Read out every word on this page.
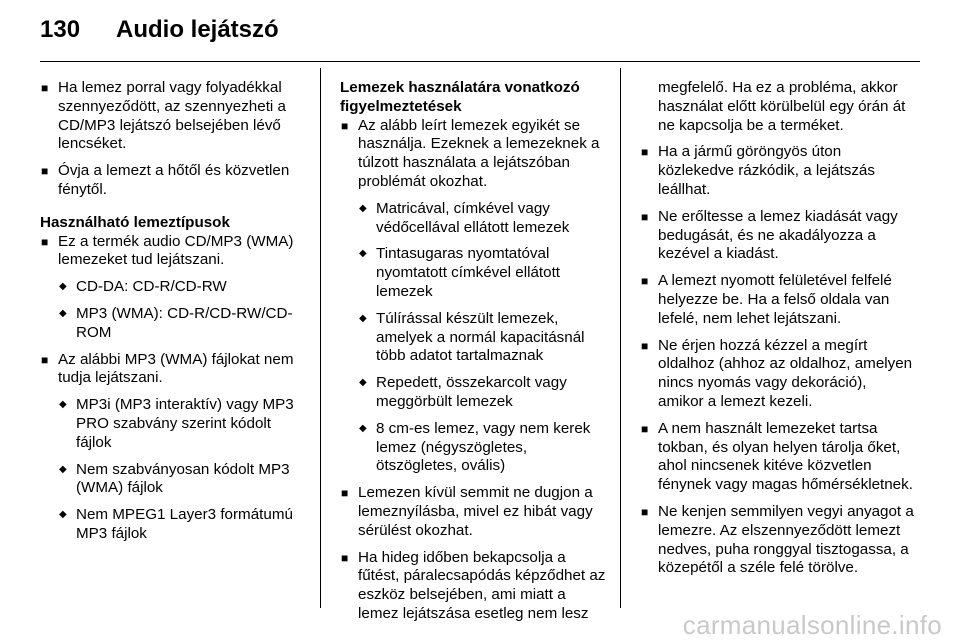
130 Audio lejátszó
■ Ha lemez porral vagy folyadékkal szennyeződött, az szennyezheti a CD/MP3 lejátszó belsejében lévő lencséket.
■ Óvja a lemezt a hőtől és közvetlen fénytől.
Használható lemeztípusok
■ Ez a termék audio CD/MP3 (WMA) lemezeket tud lejátszani.
◆ CD-DA: CD-R/CD-RW
◆ MP3 (WMA): CD-R/CD-RW/CD-ROM
■ Az alábbi MP3 (WMA) fájlokat nem tudja lejátszani.
◆ MP3i (MP3 interaktív) vagy MP3 PRO szabvány szerint kódolt fájlok
◆ Nem szabványosan kódolt MP3 (WMA) fájlok
◆ Nem MPEG1 Layer3 formátumú MP3 fájlok
Lemezek használatára vonatkozó figyelmeztetések
■ Az alább leírt lemezek egyikét se használja. Ezeknek a lemezeknek a túlzott használata a lejátszóban problémát okozhat.
◆ Matricával, címkével vagy védőcellával ellátott lemezek
◆ Tintasugaras nyomtatóval nyomtatott címkével ellátott lemezek
◆ Túlírással készült lemezek, amelyek a normál kapacitásnál több adatot tartalmaznak
◆ Repedett, összekarcolt vagy meggörbült lemezek
◆ 8 cm-es lemez, vagy nem kerek lemez (négyszögletes, ötszögletes, ovális)
■ Lemezen kívül semmit ne dugjon a lemeznyílásba, mivel ez hibát vagy sérülést okozhat.
■ Ha hideg időben bekapcsolja a fűtést, páralecsapódás képződhet az eszköz belsejében, ami miatt a lemez lejátszása esetleg nem lesz
megfelelő. Ha ez a probléma, akkor használat előtt körülbelül egy órán át ne kapcsolja be a terméket.
■ Ha a jármű göröngyös úton közlekedve rázkódik, a lejátszás leállhat.
■ Ne erőltesse a lemez kiadását vagy bedugását, és ne akadályozza a kezével a kiadást.
■ A lemezt nyomott felületével felfelé helyezze be. Ha a felső oldala van lefelé, nem lehet lejátszani.
■ Ne érjen hozzá kézzel a megírt oldalhoz (ahhoz az oldalhoz, amelyen nincs nyomás vagy dekoráció), amikor a lemezt kezeli.
■ A nem használt lemezeket tartsa tokban, és olyan helyen tárolja őket, ahol nincsenek kitéve közvetlen fénynek vagy magas hőmérsékletnek.
■ Ne kenjen semmilyen vegyi anyagot a lemezre. Az elszennyeződött lemezt nedves, puha ronggyal tisztogassa, a közepétől a széle felé törölve.
carmanualsonline.info
